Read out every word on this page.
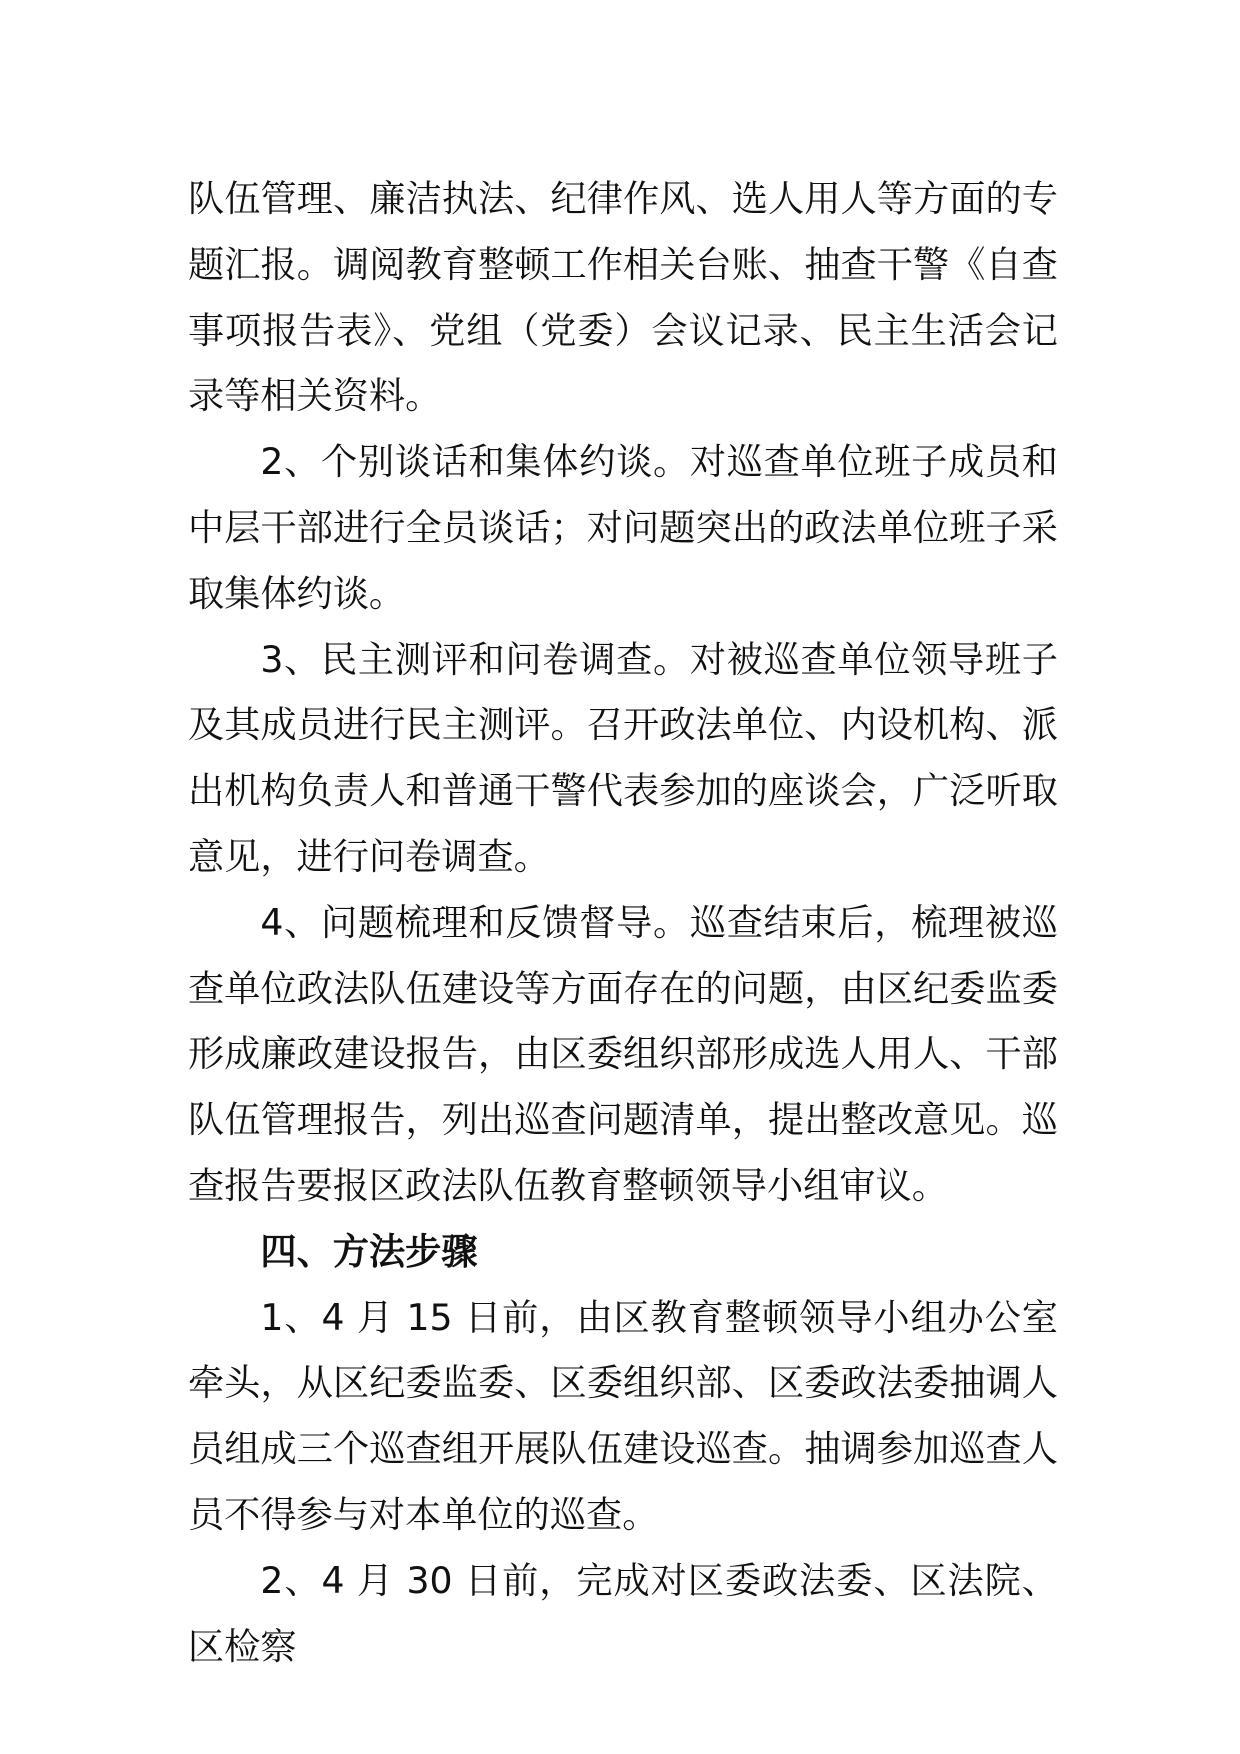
队伍管理、廉洁执法、纪律作风、选人用人等方面的专题汇报。调阅教育整顿工作相关台账、抽查干警《自查事项报告表》、党组（党委）会议记录、民主生活会记录等相关资料。

2、个别谈话和集体约谈。对巡查单位班子成员和中层干部进行全员谈话；对问题突出的政法单位班子采取集体约谈。

3、民主测评和问卷调查。对被巡查单位领导班子及其成员进行民主测评。召开政法单位、内设机构、派出机构负责人和普通干警代表参加的座谈会，广泛听取意见，进行问卷调查。

4、问题梳理和反馈督导。巡查结束后，梳理被巡查单位政法队伍建设等方面存在的问题，由区纪委监委形成廉政建设报告，由区委组织部形成选人用人、干部队伍管理报告，列出巡查问题清单，提出整改意见。巡查报告要报区政法队伍教育整顿领导小组审议。

四、方法步骤

1、4 月 15 日前，由区教育整顿领导小组办公室牵头，从区纪委监委、区委组织部、区委政法委抽调人员组成三个巡查组开展队伍建设巡查。抽调参加巡查人员不得参与对本单位的巡查。

2、4 月 30 日前，完成对区委政法委、区法院、区检察
